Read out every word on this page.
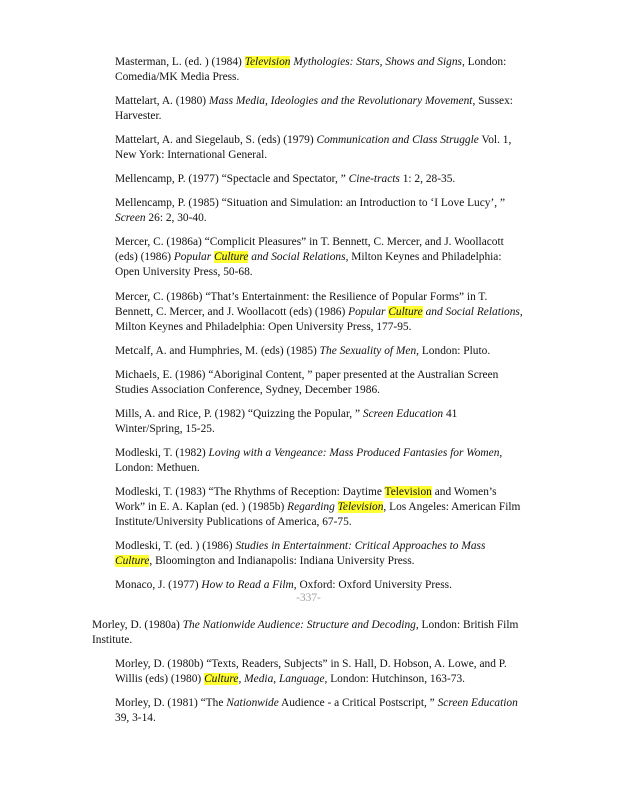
Masterman, L. (ed. ) (1984) Television Mythologies: Stars, Shows and Signs, London: Comedia/MK Media Press.
Mattelart, A. (1980) Mass Media, Ideologies and the Revolutionary Movement, Sussex: Harvester.
Mattelart, A. and Siegelaub, S. (eds) (1979) Communication and Class Struggle Vol. 1, New York: International General.
Mellencamp, P. (1977) “Spectacle and Spectator, ” Cine-tracts 1: 2, 28-35.
Mellencamp, P. (1985) “Situation and Simulation: an Introduction to ‘I Love Lucy’, ” Screen 26: 2, 30-40.
Mercer, C. (1986a) “Complicit Pleasures” in T. Bennett, C. Mercer, and J. Woollacott (eds) (1986) Popular Culture and Social Relations, Milton Keynes and Philadelphia: Open University Press, 50-68.
Mercer, C. (1986b) “That’s Entertainment: the Resilience of Popular Forms” in T. Bennett, C. Mercer, and J. Woollacott (eds) (1986) Popular Culture and Social Relations, Milton Keynes and Philadelphia: Open University Press, 177-95.
Metcalf, A. and Humphries, M. (eds) (1985) The Sexuality of Men, London: Pluto.
Michaels, E. (1986) “Aboriginal Content, ” paper presented at the Australian Screen Studies Association Conference, Sydney, December 1986.
Mills, A. and Rice, P. (1982) “Quizzing the Popular, ” Screen Education 41 Winter/Spring, 15-25.
Modleski, T. (1982) Loving with a Vengeance: Mass Produced Fantasies for Women, London: Methuen.
Modleski, T. (1983) “The Rhythms of Reception: Daytime Television and Women’s Work” in E. A. Kaplan (ed. ) (1985b) Regarding Television, Los Angeles: American Film Institute/University Publications of America, 67-75.
Modleski, T. (ed. ) (1986) Studies in Entertainment: Critical Approaches to Mass Culture, Bloomington and Indianapolis: Indiana University Press.
Monaco, J. (1977) How to Read a Film, Oxford: Oxford University Press.
-337-
Morley, D. (1980a) The Nationwide Audience: Structure and Decoding, London: British Film Institute.
Morley, D. (1980b) “Texts, Readers, Subjects” in S. Hall, D. Hobson, A. Lowe, and P. Willis (eds) (1980) Culture, Media, Language, London: Hutchinson, 163-73.
Morley, D. (1981) “The Nationwide Audience - a Critical Postscript, ” Screen Education 39, 3-14.
